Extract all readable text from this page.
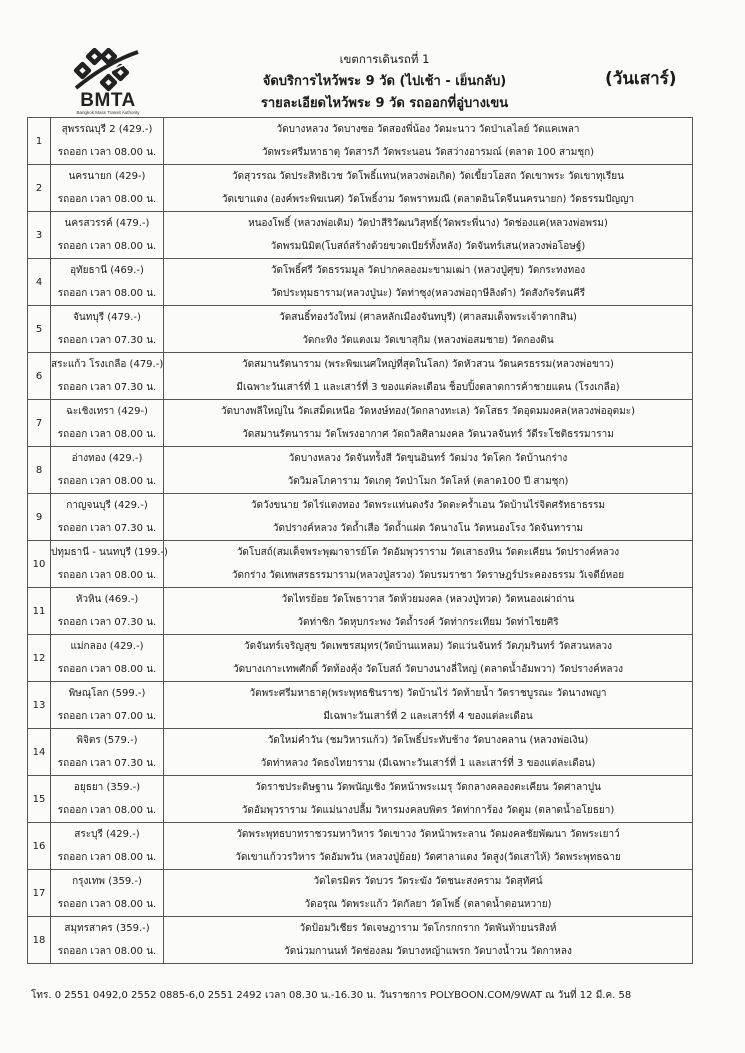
BMTA
Bangkok Mass Transit Authority
เขตการเดินรถที่ 1
จัดบริการไหว้พระ 9 วัด (ไปเช้า - เย็นกลับ)
รายละเอียดไหว้พระ 9 วัด รถออกที่อู่บางเขน
(วันเสาร์)
1	สุพรรณบุรี 2 (429.-)
รถออก เวลา 08.00 น.	วัดบางหลวง วัดบางซอ วัดสองพี่น้อง วัดมะนาว วัดป่าเลไลย์ วัดแคเพลา
วัดพระศรีมหาธาตุ วัดสารภี วัดพระนอน วัดสว่างอารมณ์ (ตลาด 100 สามชุก)

2	นครนายก (429-)
รถออก เวลา 08.00 น.	วัดสุวรรณ วัดประสิทธิเวช วัดโพธิ์แทน(หลวงพ่อเกิด) วัดเขี้ยวโอสถ วัดเขาพระ วัดเขาทุเรียน
วัดเขาแดง (องค์พระพิฆเนศ) วัดโพธิ์งาม วัดพราหมณี (ตลาดอินโดจีนนครนายก) วัดธรรมปัญญา

3	นครสวรรค์ (479.-)
รถออก เวลา 08.00 น.	หนองโพธิ์ (หลวงพ่อเดิม) วัดป่าสีริวัฒนวิสุทธิ์(วัดพระพี่นาง) วัดช่องแค(หลวงพ่อพรม)
วัดพรมนิมิต(โบสถ์สร้างด้วยขวดเบียร์ทั้งหลัง) วัดจันทร์เสน(หลวงพ่อโอษฐ์)

4	อุทัยธานี (469.-)
รถออก เวลา 08.00 น.	วัดโพธิ์ศรี วัดธรรมมูล วัดปากคลองมะขามเฒ่า (หลวงปู่ศุข) วัดกระทงทอง
วัดประทุมธาราม(หลวงปู่นะ) วัดท่าซุง(หลวงพ่อฤาษีลิงดำ) วัดสังกัจรัตนคีรี

5	จันทบุรี (479.-)
รถออก เวลา 07.30 น.	วัดสนธิ์ทองวังใหม่ (ศาลหลักเมืองจันทบุรี) (ศาลสมเด็จพระเจ้าตากสิน)
วัดกะทิง วัดแตงเม วัดเขาสุกิม (หลวงพ่อสมชาย) วัดกองดิน

6	สระแก้ว โรงเกลือ (479.-)
รถออก เวลา 07.30 น.	วัดสมานรัตนาราม (พระพิฆเนศใหญ่ที่สุดในโลก) วัดหัวสวน วัดนครธรรม(หลวงพ่อขาว)
มีเฉพาะวันเสาร์ที่ 1 และเสาร์ที่ 3 ของแต่ละเดือน ช็อบปิ้งตลาดการค้าชายแดน (โรงเกลือ)

7	ฉะเชิงเทรา (429-)
รถออก เวลา 08.00 น.	วัดบางพลีใหญ่ใน วัดเสม็ดเหนือ วัดหงษ์ทอง(วัดกลางทะเล) วัดโสธร วัดอุดมมงคล(หลวงพ่ออุตมะ)
วัดสมานรัตนาราม วัดโพรงอากาศ วัดถวิลศิลามงคล วัดนวลจันทร์ วัดีระโชติธรรมาราม

8	อ่างทอง (429.-)
รถออก เวลา 08.00 น.	วัดบางหลวง วัดจันทร์ังสี วัดขุนอินทร์ วัดม่วง วัดโคก วัดบ้านกร่าง
วัดวิมลโภคาราม วัดเกตุ วัดป่าโมก วัดโลห์ (ตลาด100 ปี สามชุก)

9	กาญจนบุรี (429.-)
รถออก เวลา 07.30 น.	วัดวังขนาย วัดไร่แตงทอง วัดพระแท่นดงรัง วัดตะคร้ำเอน วัดบ้านไร่จิตศรัทธาธรรม
วัดปรางค์หลวง วัดถ้ำเสือ วัดถ้ำแฝด วัดนางโน วัดหนองโรง วัดจันทาราม

10	ปทุมธานี - นนทบุรี (199.-)
รถออก เวลา 08.00 น.	วัดโบสถ์(สมเด็จพระพุฒาจารย์โต วัดอัมพุวราราม วัดเสาธงหิน วัดตะเคียน วัดปรางค์หลวง
วัดกร่าง วัดเทพสรธรรมาราม(หลวงปู่สรวง) วัดบรมราชา วัดราษฎร์ประคองธรรม วัเจดีย์หอย

11	หัวหิน (469.-)
รถออก เวลา 07.30 น.	วัดไทรย้อย วัดโพธาวาส วัดห้วยมงคล (หลวงปู่ทวด) วัดหนองเผ่าถ่าน
วัดท่าซิก วัดหุบกระพง วัดถ้ำรงค์ วัดท่ากระเทียม วัดท่าไชยศิริ

12	แม่กลอง (429.-)
รถออก เวลา 08.00 น.	วัดจันทร์เจริญสุข วัดเพชรสมุทร(วัดบ้านแหลม) วัดแว่นจันทร์ วัดภุมรินทร์ วัดสวนหลวง
วัดบางเกาะเทพศักดิ์ วัดท้องคุ้ง วัดโบสถ์ วัดบางนางลี่ใหญ่ (ตลาดน้ำอัมพวา) วัดปรางค์หลวง

13	พิษณุโลก (599.-)
รถออก เวลา 07.00 น.	วัดพระศรีมหาธาตุ(พระพุทธชินราช) วัดบ้านไร่ วัดท้ายน้ำ วัดราชบูรณะ วัดนางพญา
มีเฉพาะวันเสาร์ที่ 2 และเสาร์ที่ 4 ของแต่ละเดือน

14	พิจิตร (579.-)
รถออก เวลา 07.30 น.	วัดใหม่คำวัน (ชมวิหารแก้ว) วัดโพธิ์ประทับช้าง วัดบางคลาน (หลวงพ่อเงิน)
วัดท่าหลวง วัดธงไทยาราม (มีเฉพาะวันเสาร์ที่ 1 และเสาร์ที่ 3 ของแต่ละเดือน)

15	อยุธยา (359.-)
รถออก เวลา 08.00 น.	วัดราชประดิษฐาน วัดพนัญเชิง วัดหน้าพระเมรุ วัดกลางคลองตะเคียน วัดศาลาปูน
วัดอัมพุวราราม วัดแม่นางปลื้ม วิหารมงคลบพิตร วัดท่าการ้อง วัดตูม (ตลาดน้ำอโยธยา)

16	สระบุรี (429.-)
รถออก เวลา 08.00 น.	วัดพระพุทธบาทราชวรมหาวิหาร วัดเขาวง วัดหน้าพระลาน วัดมงคลชัยพัฒนา วัดพระเยาว์
วัดเขาแก้ววรวิหาร วัดอัมพวัน (หลวงปู่ย้อย) วัดศาลาแดง วัดสูง(วัดเสาไห้) วัดพระพุทธฉาย

17	กรุงเทพ (359.-)
รถออก เวลา 08.00 น.	วัดไตรมิตร วัดบวร วัดระฆัง วัดชนะสงคราม วัดสุทัศน์
วัดอรุณ วัดพระแก้ว วัดกัลยา วัดโพธิ์ (ตลาดน้ำตอนหวาย)

18	สมุทรสาคร (359.-)
รถออก เวลา 08.00 น.	วัดป้อมวิเชียร วัดเจษฎาราม วัดโกรกกราก วัดพันท้ายนรสิงห์
วัดน่วมกานนท์ วัดช่องลม วัดบางหญ้าแพรก วัดบางน้ำวน วัดกาหลง
โทร. 0 2551 0492,0 2552 0885-6,0 2551 2492 เวลา 08.30 น.-16.30 น. วันราชการ POLYBOON.COM/9WAT ณ วันที่ 12 มี.ค. 58
